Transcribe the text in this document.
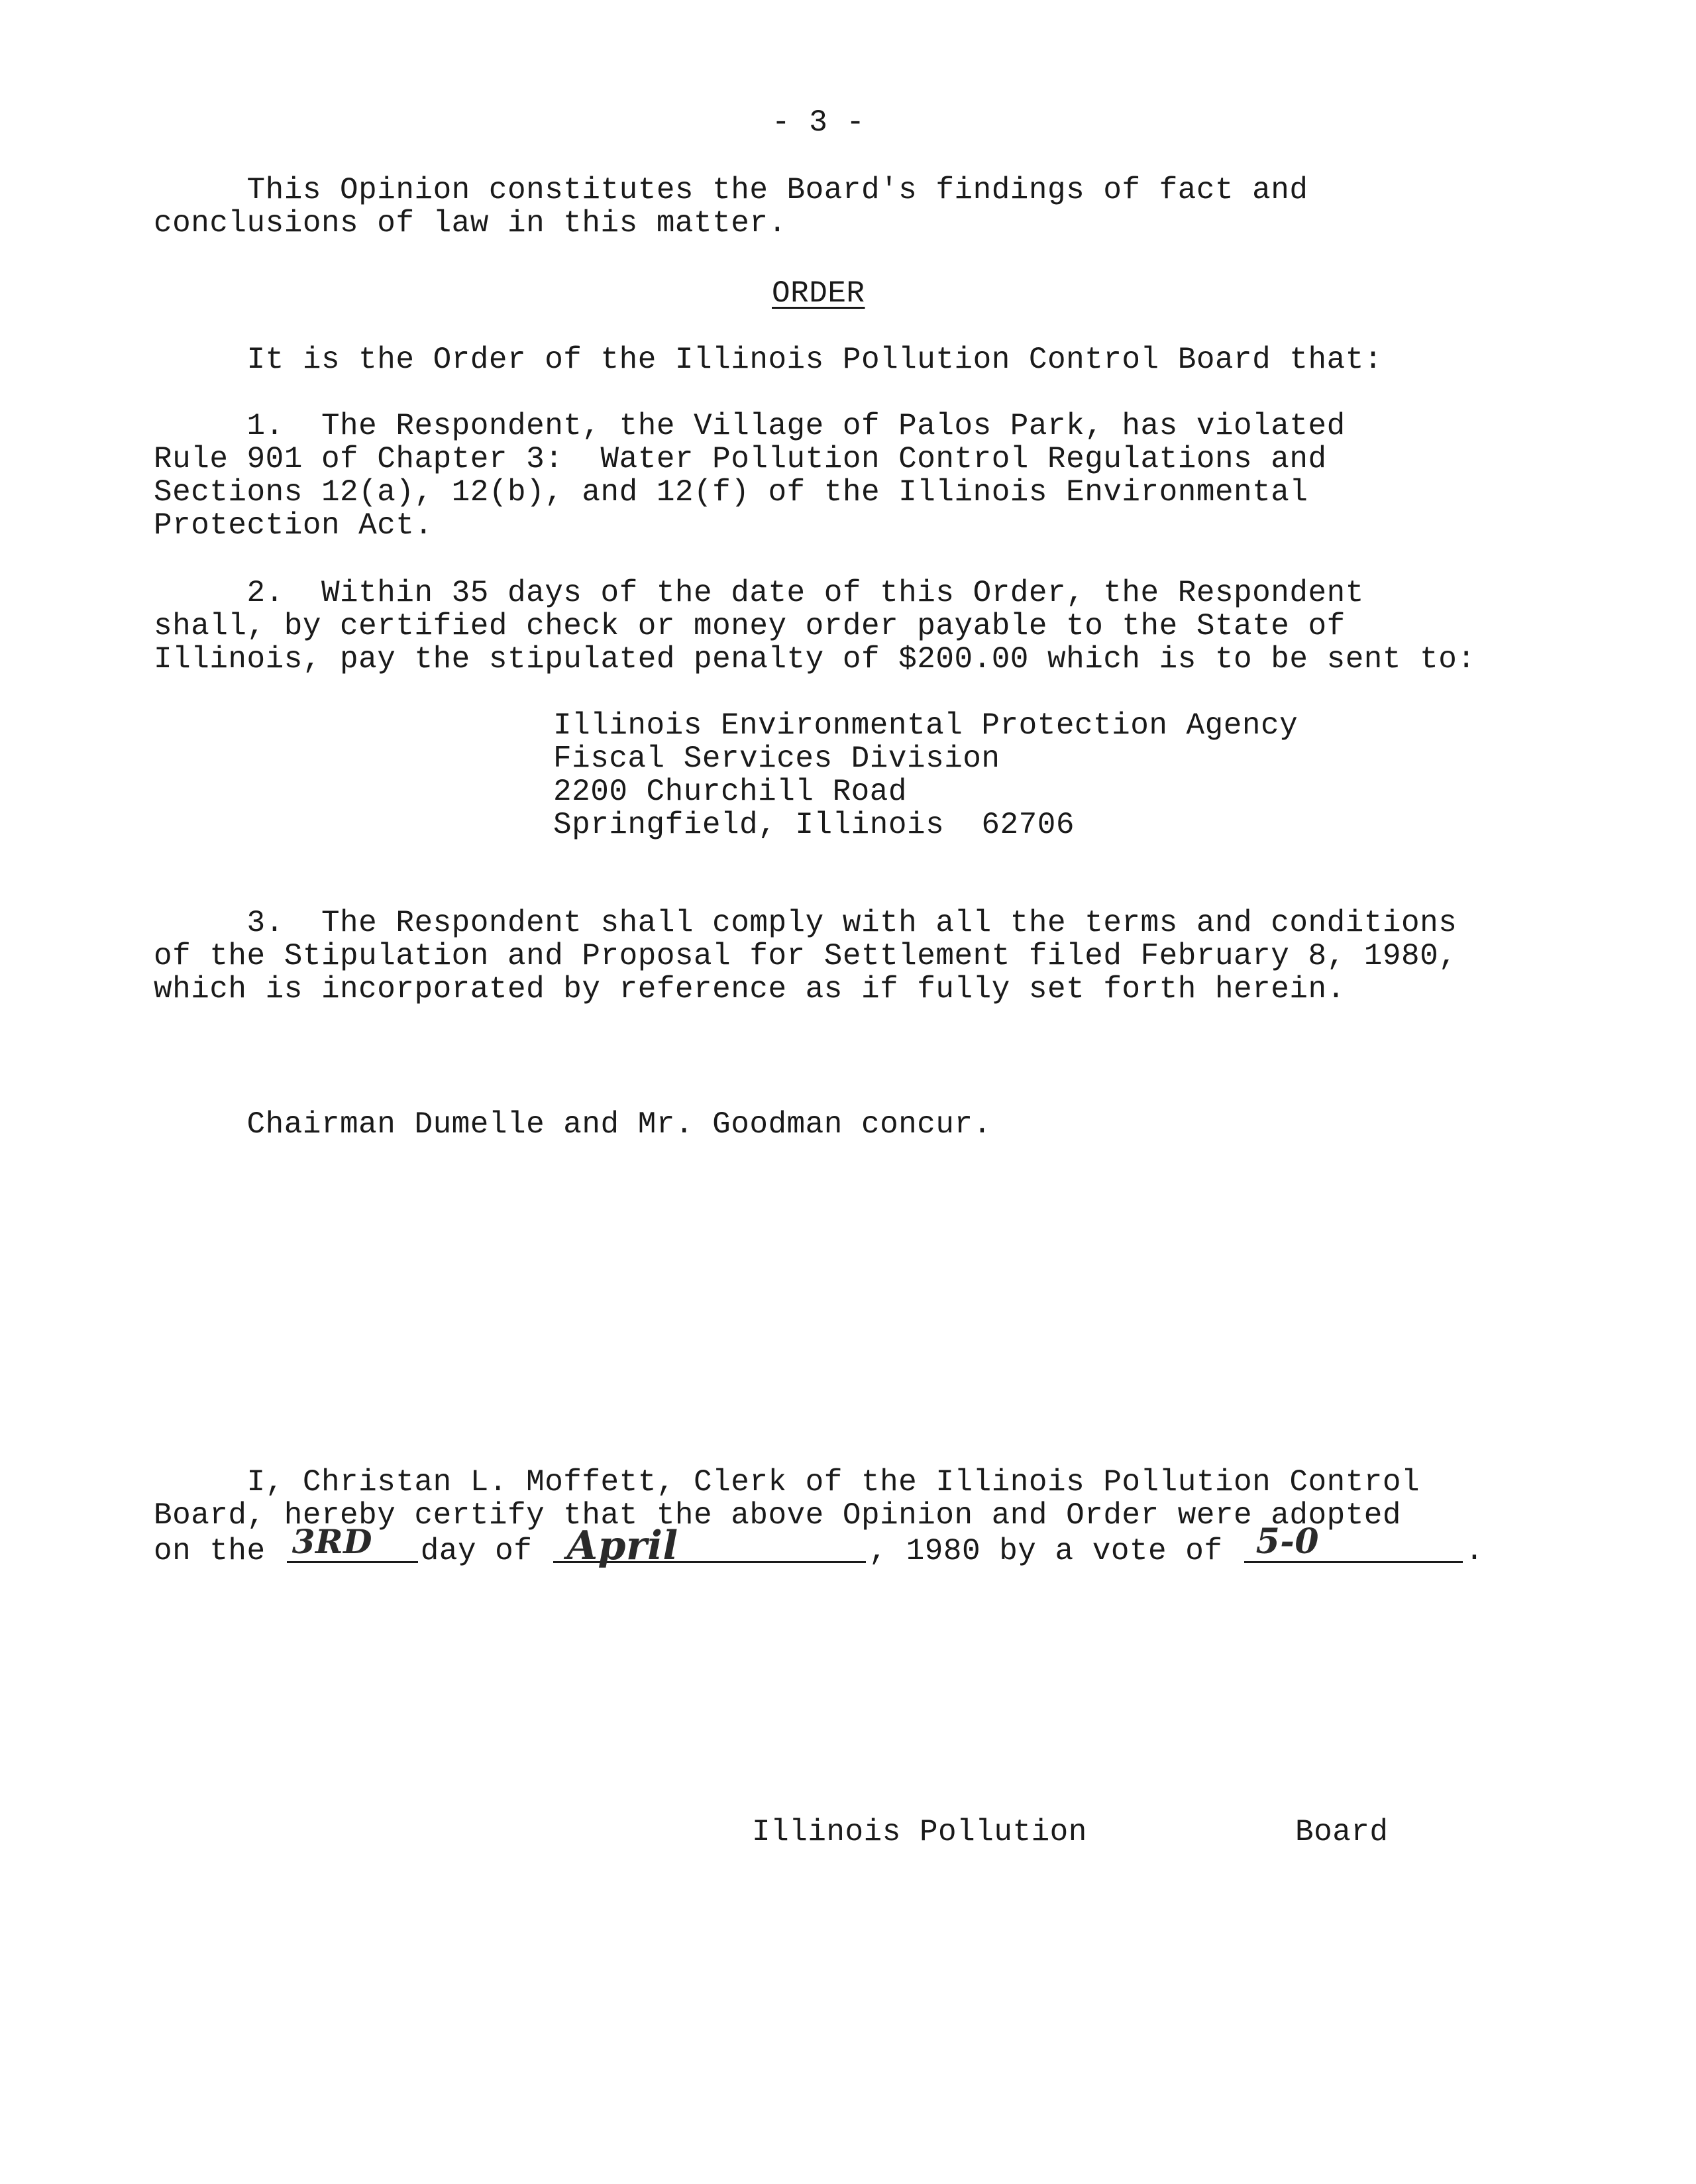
- 3 -
This Opinion constitutes the Board's findings of fact and
conclusions of law in this matter.
ORDER
It is the Order of the Illinois Pollution Control Board that:
1.  The Respondent, the Village of Palos Park, has violated
Rule 901 of Chapter 3:  Water Pollution Control Regulations and
Sections 12(a), 12(b), and 12(f) of the Illinois Environmental
Protection Act.
2.  Within 35 days of the date of this Order, the Respondent
shall, by certified check or money order payable to the State of
Illinois, pay the stipulated penalty of $200.00 which is to be sent to:
Illinois Environmental Protection Agency
Fiscal Services Division
2200 Churchill Road
Springfield, Illinois  62706
3.  The Respondent shall comply with all the terms and conditions
of the Stipulation and Proposal for Settlement filed February 8, 1980,
which is incorporated by reference as if fully set forth herein.
Chairman Dumelle and Mr. Goodman concur.
I, Christan L. Moffett, Clerk of the Illinois Pollution Control
Board, hereby certify that the above Opinion and Order were adopted
on the 3RD day of April	, 1980 by a vote of 5-0	.
Illinois Pollution	Board
